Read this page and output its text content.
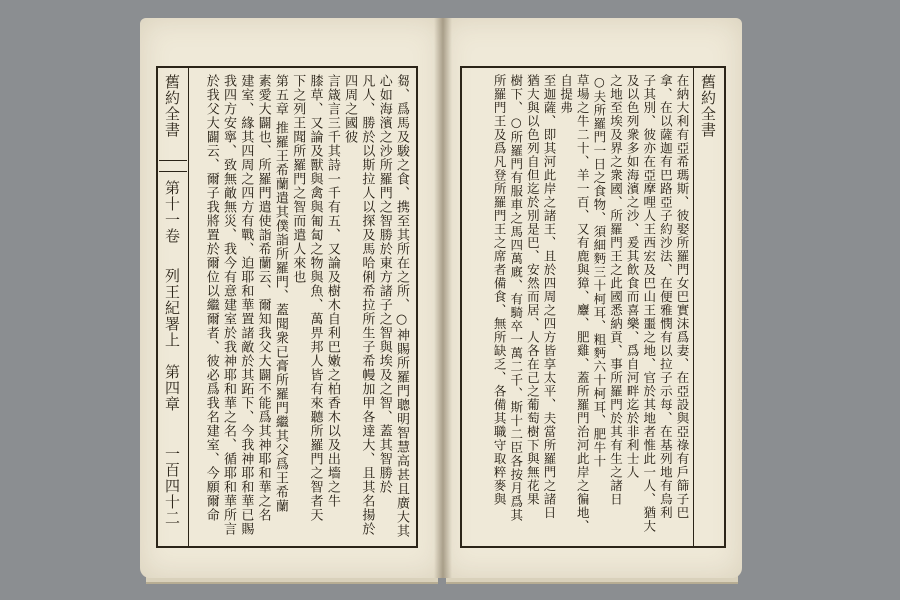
芻、爲馬及駿之食、携至其所在之所、○神賜所羅門聰明智慧高甚且廣大其
心如海濱之沙所羅門之智勝於東方諸子之智與埃及之智、蓋其智勝於
凡人、勝於以斯拉人以探及馬哈俐希拉所生子希幔加甲各達大、且其名揚於四周之國彼
言箴言三千其詩一千有五、又論及樹木自利巴嫩之柏香木以及出墻之牛
膝草、又論及獸與禽與匍匐之物與魚、萬畀邦人皆有來聽所羅門之智者天
下之列王聞所羅門之智而遣人來也
第五章 推羅王希蘭遣其僕詣所羅門、蓋聞衆已膏所羅門繼其父爲王希蘭
素愛大闢也、所羅門遣使詣希蘭云、爾知我父大闢不能爲其神耶和華之名
建室、緣其四周之四方有戰、迫耶和華置諸敵於其跖下、今我神耶和華已賜
我四方安寧、致無敵無災、我今有意建室於我神耶和華之名、循耶和華所言
於我父大闢云、爾子我將置於爾位以繼爾者、彼必爲我名建室、今願爾命
舊約全書
第十一卷
列王紀署上
第四章
一百四十二	在納大利有亞希瑪斯、彼娶所羅門女巴實沫爲妻、在亞設與亞祿有戶篩子巴
拿、在以薩迦有巴路亞子約沙法、在便雅憫有以拉子示每、在基列地有烏利
子其別、彼亦在亞摩哩人王西宏及巴山王噩之地、官於其地者惟此一人、猶大
及以色列衆多如海濱之沙、爰其飮食而喜樂、爲自河畔迄於非利士人
之地至埃及界之衆國、所羅門王之此國悉納貢、事所羅門於其有生之諸日
○夫所羅門一日之食物、須細麪三十柯耳、粗麪六十柯耳、肥牛十
草場之牛二十、羊一百、又有鹿與獐、麞、肥雞、蓋所羅門治河此岸之徧地、自提弗
至迦薩、即其河此岸之諸王、且於四周之四方皆享太平、夫當所羅門之諸日
猶大與以色列自但迄於別是巴、安然而居、人各在己之葡萄樹下與無花果
樹下、○所羅門有服車之馬四萬廐、有騎卒一萬二千、斯十二臣各按月爲其
所羅門王及爲凡登所羅門王之席者備食、無所缺乏、各備其職守取粹麥與	舊約全書
